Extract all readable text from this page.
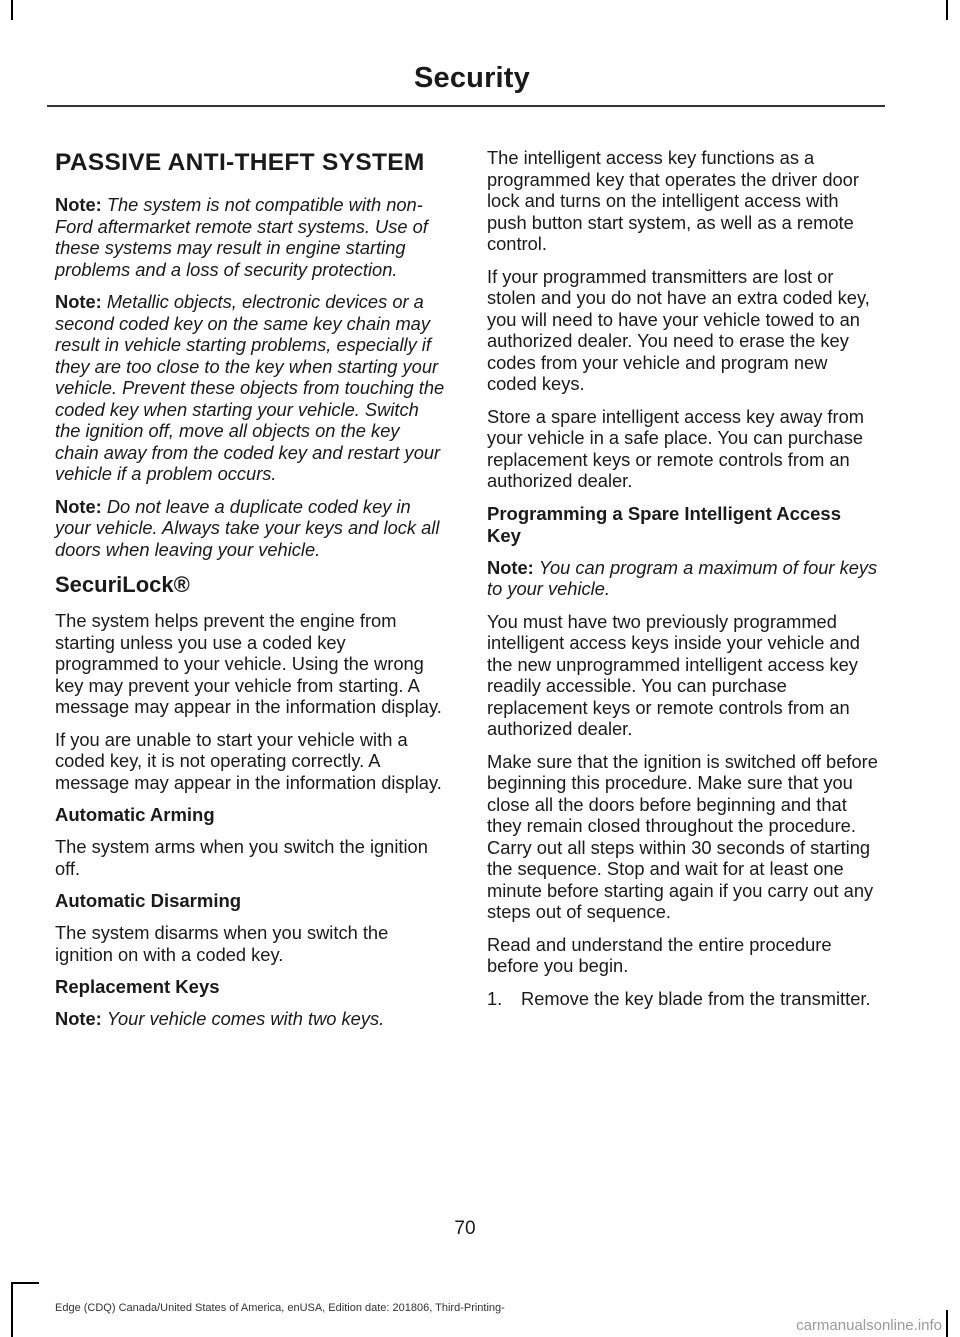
Security
PASSIVE ANTI-THEFT SYSTEM

Note: The system is not compatible with non-Ford aftermarket remote start systems. Use of these systems may result in engine starting problems and a loss of security protection.

Note: Metallic objects, electronic devices or a second coded key on the same key chain may result in vehicle starting problems, especially if they are too close to the key when starting your vehicle. Prevent these objects from touching the coded key when starting your vehicle. Switch the ignition off, move all objects on the key chain away from the coded key and restart your vehicle if a problem occurs.

Note: Do not leave a duplicate coded key in your vehicle. Always take your keys and lock all doors when leaving your vehicle.

SecuriLock®

The system helps prevent the engine from starting unless you use a coded key programmed to your vehicle. Using the wrong key may prevent your vehicle from starting. A message may appear in the information display.

If you are unable to start your vehicle with a coded key, it is not operating correctly. A message may appear in the information display.

Automatic Arming

The system arms when you switch the ignition off.

Automatic Disarming

The system disarms when you switch the ignition on with a coded key.

Replacement Keys

Note: Your vehicle comes with two keys.

The intelligent access key functions as a programmed key that operates the driver door lock and turns on the intelligent access with push button start system, as well as a remote control.

If your programmed transmitters are lost or stolen and you do not have an extra coded key, you will need to have your vehicle towed to an authorized dealer. You need to erase the key codes from your vehicle and program new coded keys.

Store a spare intelligent access key away from your vehicle in a safe place. You can purchase replacement keys or remote controls from an authorized dealer.

Programming a Spare Intelligent Access Key

Note: You can program a maximum of four keys to your vehicle.

You must have two previously programmed intelligent access keys inside your vehicle and the new unprogrammed intelligent access key readily accessible. You can purchase replacement keys or remote controls from an authorized dealer.

Make sure that the ignition is switched off before beginning this procedure. Make sure that you close all the doors before beginning and that they remain closed throughout the procedure. Carry out all steps within 30 seconds of starting the sequence. Stop and wait for at least one minute before starting again if you carry out any steps out of sequence.

Read and understand the entire procedure before you begin.

1.	Remove the key blade from the transmitter.
70
Edge (CDQ) Canada/United States of America, enUSA, Edition date: 201806, Third-Printing-
carmanualsonline.info
